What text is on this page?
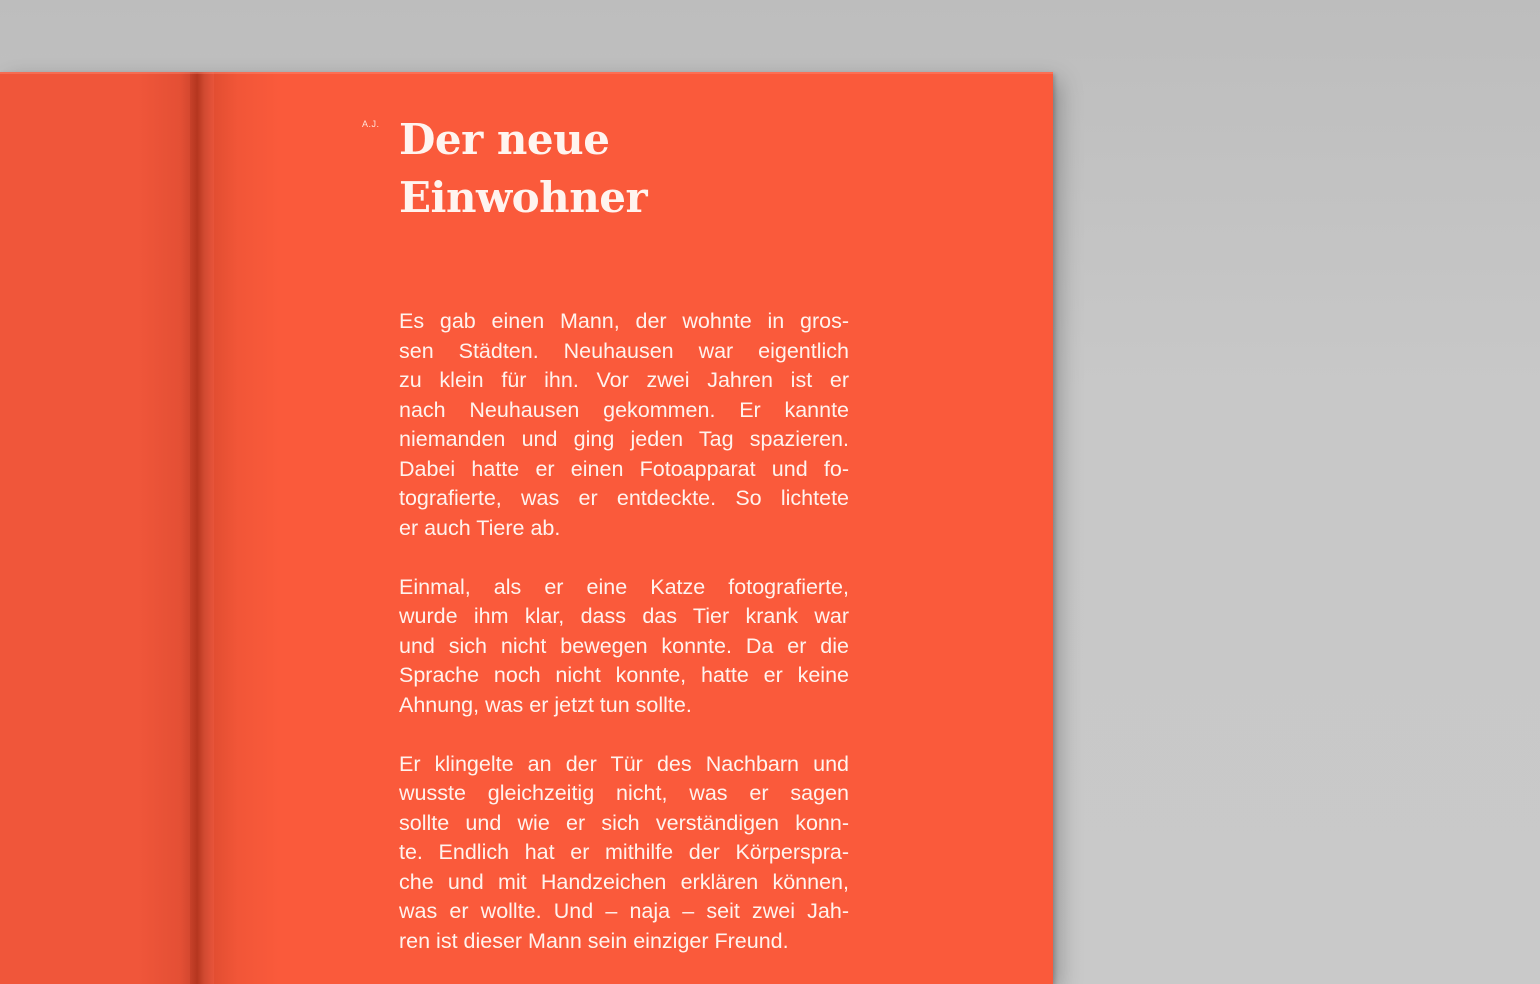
A.J. Der neue
Einwohner

Es gab einen Mann, der wohnte in gros-
sen Städten. Neuhausen war eigentlich
zu klein für ihn. Vor zwei Jahren ist er
nach Neuhausen gekommen. Er kannte
niemanden und ging jeden Tag spazieren.
Dabei hatte er einen Fotoapparat und fo-
tografierte, was er entdeckte. So lichtete
er auch Tiere ab.

Einmal, als er eine Katze fotografierte,
wurde ihm klar, dass das Tier krank war
und sich nicht bewegen konnte. Da er die
Sprache noch nicht konnte, hatte er keine
Ahnung, was er jetzt tun sollte.

Er klingelte an der Tür des Nachbarn und
wusste gleichzeitig nicht, was er sagen
sollte und wie er sich verständigen konn-
te. Endlich hat er mithilfe der Körperspra-
che und mit Handzeichen erklären können,
was er wollte. Und – naja – seit zwei Jah-
ren ist dieser Mann sein einziger Freund.
